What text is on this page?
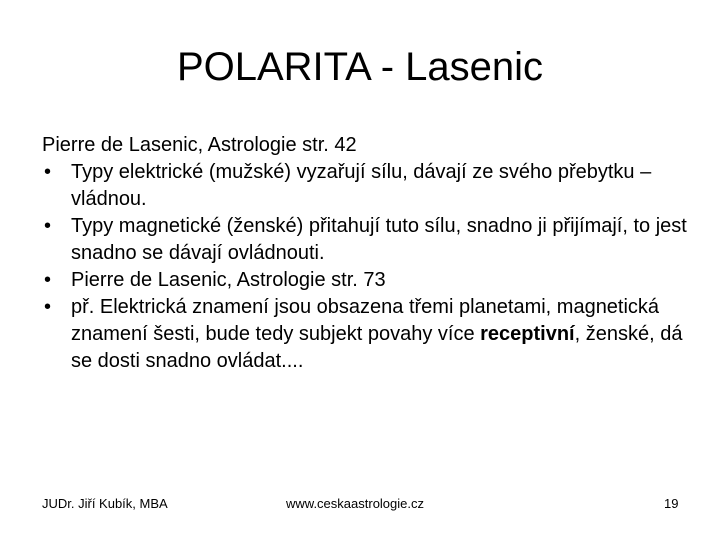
POLARITA - Lasenic
Pierre de Lasenic, Astrologie str. 42
• Typy elektrické (mužské) vyzařují sílu, dávají ze svého přebytku – vládnou.
• Typy magnetické (ženské) přitahují tuto sílu, snadno ji přijímají, to jest snadno se dávají ovládnouti.
• Pierre de Lasenic, Astrologie str. 73
• př. Elektrická znamení jsou obsazena třemi planetami, magnetická znamení šesti, bude tedy subjekt povahy více receptivní, ženské, dá se dosti snadno ovládat....
JUDr. Jiří Kubík, MBA	www.ceskaastrologie.cz	19
